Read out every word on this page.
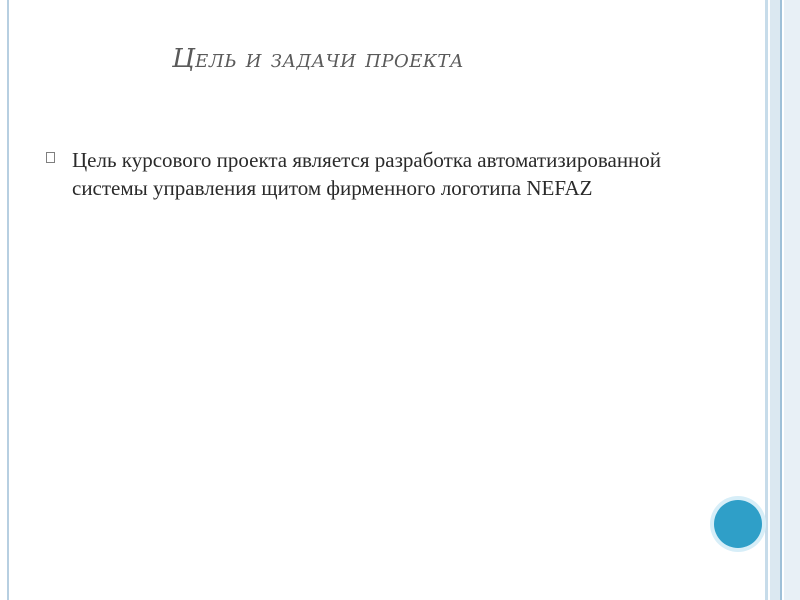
Цель и задачи проекта
Цель курсового проекта является разработка автоматизированной системы управления щитом фирменного логотипа NEFAZ
